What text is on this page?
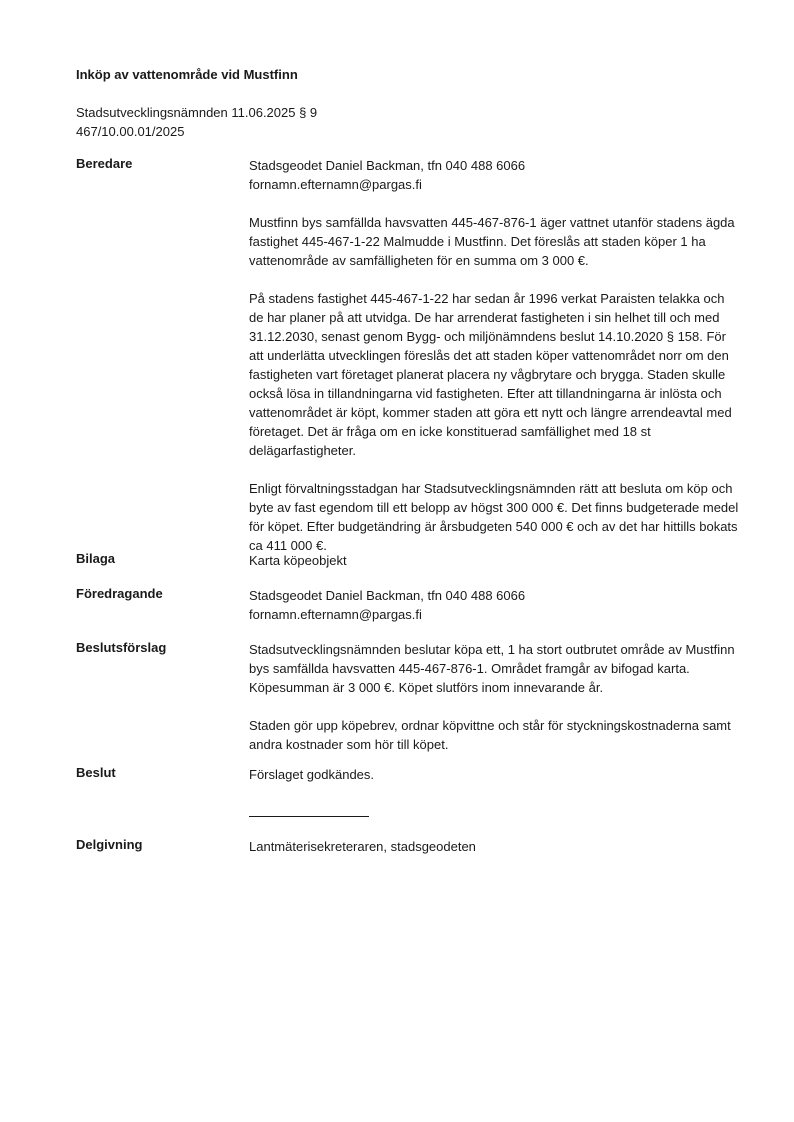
Inköp av vattenområde vid Mustfinn
Stadsutvecklingsnämnden 11.06.2025 § 9
467/10.00.01/2025
Beredare	Stadsgeodet Daniel Backman, tfn 040 488 6066
fornamn.efternamn@pargas.fi

Mustfinn bys samfällda havsvatten 445-467-876-1 äger vattnet utanför stadens ägda fastighet 445-467-1-22 Malmudde i Mustfinn. Det föreslås att staden köper 1 ha vattenområde av samfälligheten för en summa om 3 000 €.

På stadens fastighet 445-467-1-22 har sedan år 1996 verkat Paraisten telakka och de har planer på att utvidga. De har arrenderat fastigheten i sin helhet till och med 31.12.2030, senast genom Bygg- och miljönämndens beslut 14.10.2020 § 158. För att underlätta utvecklingen föreslås det att staden köper vattenområdet norr om den fastigheten vart företaget planerat placera ny vågbrytare och brygga. Staden skulle också lösa in tillandningarna vid fastigheten. Efter att tillandningarna är inlösta och vattenområdet är köpt, kommer staden att göra ett nytt och längre arrendeavtal med företaget. Det är fråga om en icke konstituerad samfällighet med 18 st delägarfastigheter.

Enligt förvaltningsstadgan har Stadsutvecklingsnämnden rätt att besluta om köp och byte av fast egendom till ett belopp av högst 300 000 €. Det finns budgeterade medel för köpet. Efter budgetändring är årsbudgeten 540 000 € och av det har hittills bokats ca 411 000 €.

Bilaga	Karta köpeobjekt
Föredragande	Stadsgeodet Daniel Backman, tfn 040 488 6066
fornamn.efternamn@pargas.fi
Beslutsförslag	Stadsutvecklingsnämnden beslutar köpa ett, 1 ha stort outbrutet område av Mustfinn bys samfällda havsvatten 445-467-876-1. Området framgår av bifogad karta. Köpesumman är 3 000 €. Köpet slutförs inom innevarande år.

Staden gör upp köpebrev, ordnar köpvittne och står för styckningskostnaderna samt andra kostnader som hör till köpet.

Beslut	Förslaget godkändes.
Delgivning	Lantmäterisekreteraren, stadsgeodeten
